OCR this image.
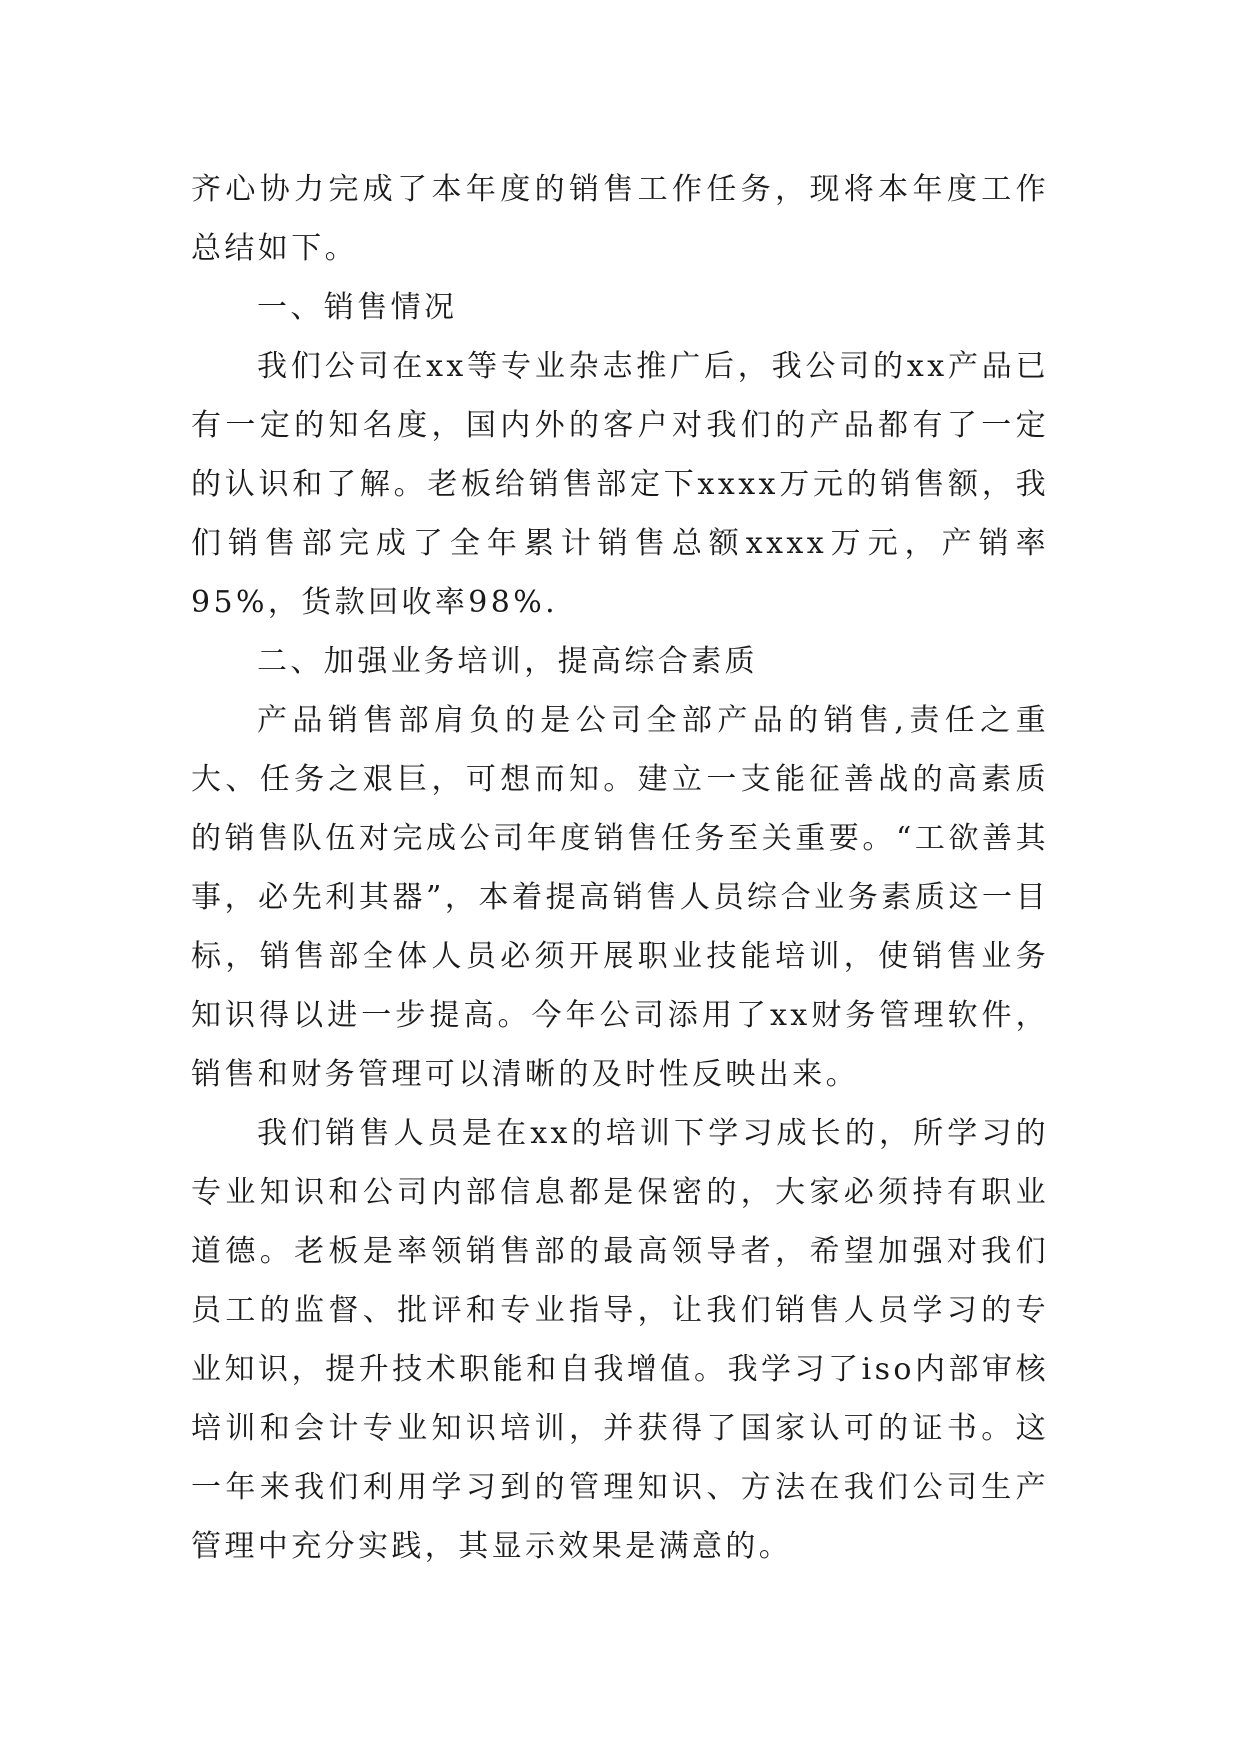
齐心协力完成了本年度的销售工作任务，现将本年度工作总结如下。

一、销售情况

我们公司在xx等专业杂志推广后，我公司的xx产品已有一定的知名度，国内外的客户对我们的产品都有了一定的认识和了解。老板给销售部定下xxxx万元的销售额，我们销售部完成了全年累计销售总额xxxx万元，产销率95%，货款回收率98%.

二、加强业务培训，提高综合素质

产品销售部肩负的是公司全部产品的销售,责任之重大、任务之艰巨，可想而知。建立一支能征善战的高素质的销售队伍对完成公司年度销售任务至关重要。“工欲善其事，必先利其器”，本着提高销售人员综合业务素质这一目标，销售部全体人员必须开展职业技能培训，使销售业务知识得以进一步提高。今年公司添用了xx财务管理软件，销售和财务管理可以清晰的及时性反映出来。

我们销售人员是在xx的培训下学习成长的，所学习的专业知识和公司内部信息都是保密的，大家必须持有职业道德。老板是率领销售部的最高领导者，希望加强对我们员工的监督、批评和专业指导，让我们销售人员学习的专业知识，提升技术职能和自我增值。我学习了iso内部审核培训和会计专业知识培训，并获得了国家认可的证书。这一年来我们利用学习到的管理知识、方法在我们公司生产管理中充分实践，其显示效果是满意的。
